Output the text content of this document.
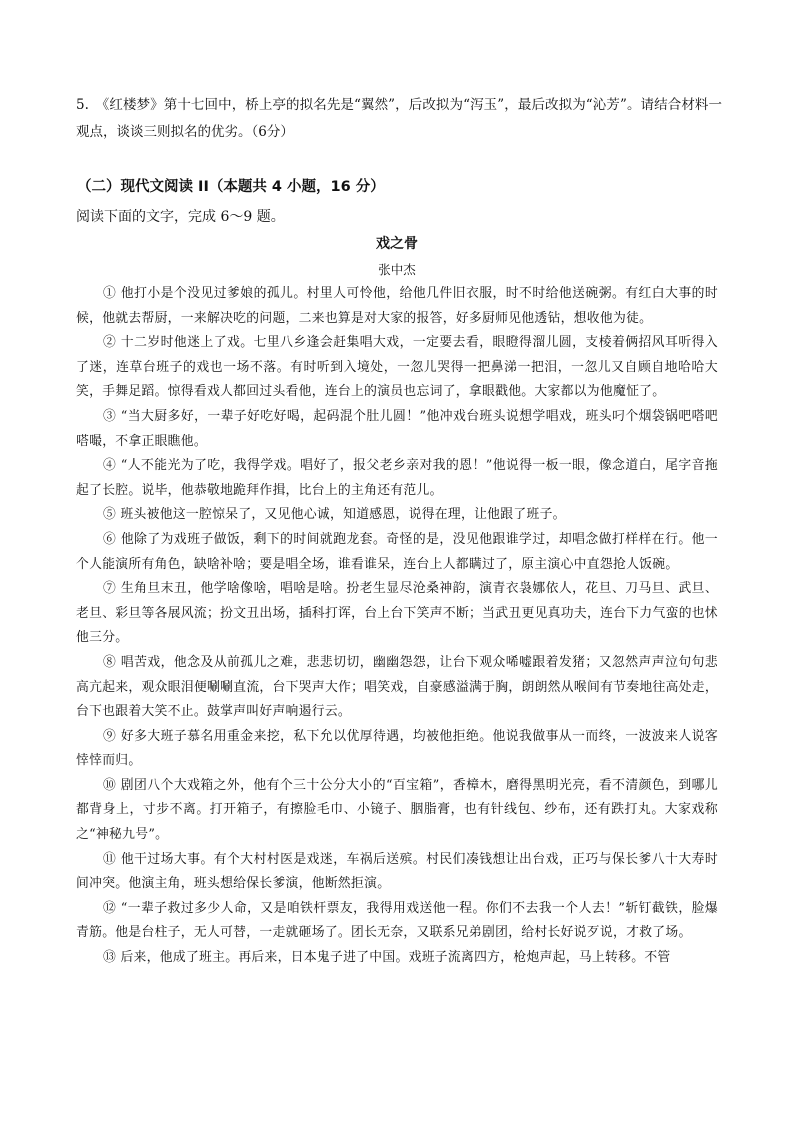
5.　《红楼梦》第十七回中，桥上亭的拟名先是“翼然”，后改拟为“泻玉”，最后改拟为“沁芳”。请结合材料一观点，谈谈三则拟名的优劣。（6分）
（二）现代文阅读 II（本题共 4 小题，16 分）
阅读下面的文字，完成 6～9 题。
戏之骨
张中杰

① 他打小是个没见过爹娘的孤儿。村里人可怜他，给他几件旧衣服，时不时给他送碗粥。有红白大事的时候，他就去帮厨，一来解决吃的问题，二来也算是对大家的报答，好多厨师见他透钻，想收他为徒。

② 十二岁时他迷上了戏。七里八乡逢会赶集唱大戏，一定要去看，眼瞪得溜儿圆，支棱着俩招风耳听得入了迷，连草台班子的戏也一场不落。有时听到入境处，一忽儿哭得一把鼻涕一把泪，一忽儿又自顾自地哈哈大笑，手舞足蹈。惊得看戏人都回过头看他，连台上的演员也忘词了，拿眼戳他。大家都以为他魔怔了。

③ “当大厨多好，一辈子好吃好喝，起码混个肚儿圆！”他冲戏台班头说想学唱戏，班头叼个烟袋锅吧嗒吧嗒嘬，不拿正眼瞧他。

④ “人不能光为了吃，我得学戏。唱好了，报父老乡亲对我的恩！”他说得一板一眼，像念道白，尾字音拖起了长腔。说毕，他恭敬地跪拜作揖，比台上的主角还有范儿。

⑤ 班头被他这一腔惊呆了，又见他心诚，知道感恩，说得在理，让他跟了班子。

⑥ 他除了为戏班子做饭，剩下的时间就跑龙套。奇怪的是，没见他跟谁学过，却唱念做打样样在行。他一个人能演所有角色，缺啥补啥；要是唱全场，谁看谁呆，连台上人都瞒过了，原主演心中直怨抢人饭碗。

⑦ 生角旦末丑，他学啥像啥，唱啥是啥。扮老生显尽沧桑神韵，演青衣袅娜依人，花旦、刀马旦、武旦、老旦、彩旦等各展风流；扮文丑出场，插科打诨，台上台下笑声不断；当武丑更见真功夫，连台下力气蛮的也怵他三分。

⑧ 唱苦戏，他念及从前孤儿之难，悲悲切切，幽幽怨怨，让台下观众唏嘘跟着发猪；又忽然声声泣句句悲高亢起来，观众眼泪便唰唰直流，台下哭声大作；唱笑戏，自豪感溢满于胸，朗朗然从喉间有节奏地往高处走，台下也跟着大笑不止。鼓掌声叫好声响遏行云。

⑨ 好多大班子慕名用重金来挖，私下允以优厚待遇，均被他拒绝。他说我做事从一而终，一波波来人说客悻悻而归。

⑩ 剧团八个大戏箱之外，他有个三十公分大小的“百宝箱”，香樟木，磨得黑明光亮，看不清颜色，到哪儿都背身上，寸步不离。打开箱子，有擦脸毛巾、小镜子、胭脂膏，也有针线包、纱布，还有跌打丸。大家戏称之“神秘九号”。

⑪ 他干过场大事。有个大村村医是戏迷，车祸后送殡。村民们凑钱想让出台戏，正巧与保长爹八十大寿时间冲突。他演主角，班头想给保长爹演，他断然拒演。

⑫ “一辈子救过多少人命，又是咱铁杆票友，我得用戏送他一程。你们不去我一个人去！”斩钉截铁，脸爆青筋。他是台柱子，无人可替，一走就砸场了。团长无奈，又联系兄弟剧团，给村长好说歹说，才救了场。

⑬ 后来，他成了班主。再后来，日本鬼子进了中国。戏班子流离四方，枪炮声起，马上转移。不管
